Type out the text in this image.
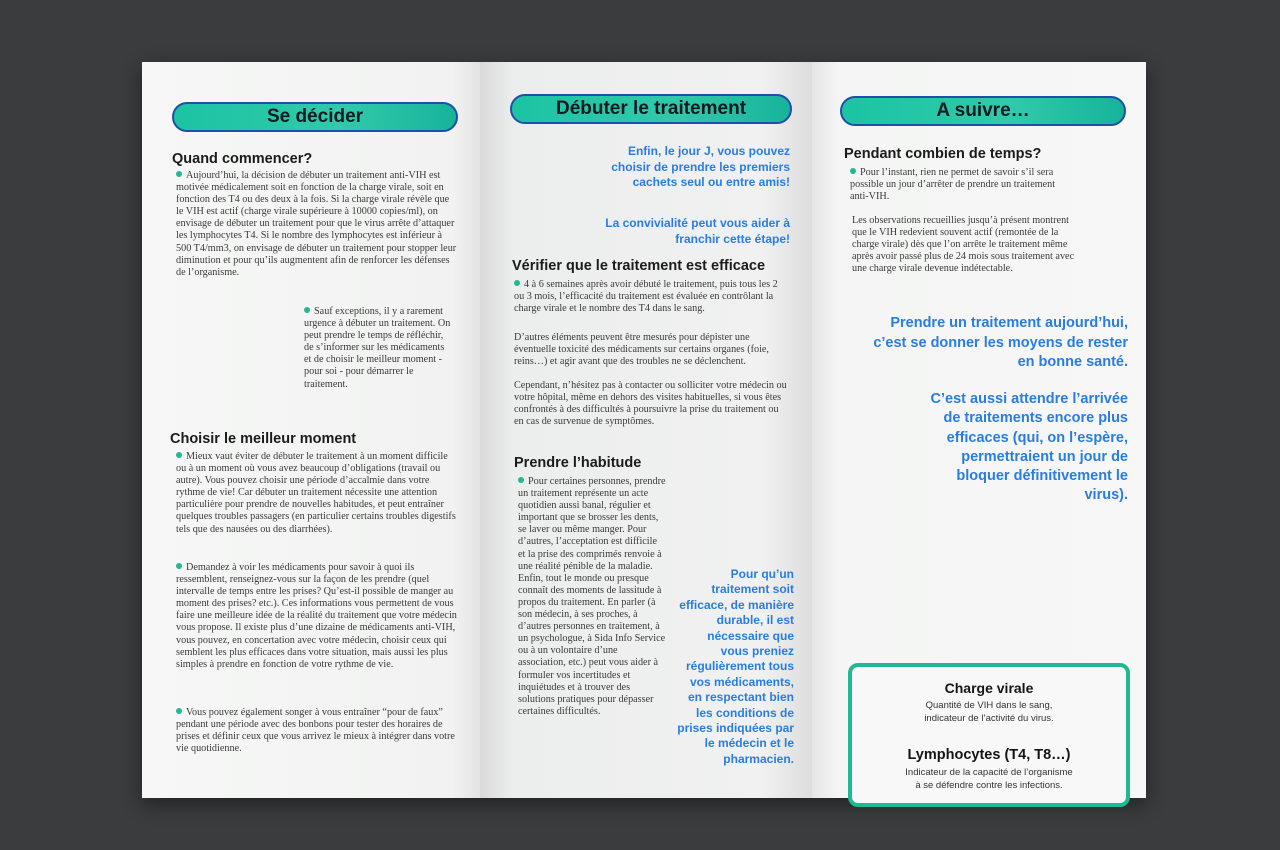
Se décider
Quand commencer?
Aujourd’hui, la décision de débuter un traitement anti-VIH est motivée médicalement soit en fonction de la charge virale, soit en fonction des T4 ou des deux à la fois. Si la charge virale révèle que le VIH est actif (charge virale supérieure à 10000 copies/ml), on envisage de débuter un traitement pour que le virus arrête d’attaquer les lymphocytes T4. Si le nombre des lymphocytes est inférieur à 500 T4/mm3, on envisage de débuter un traitement pour stopper leur diminution et pour qu’ils augmentent afin de renforcer les défenses de l’organisme.
Sauf exceptions, il y a rarement urgence à débuter un traitement. On peut prendre le temps de réfléchir, de s’informer sur les médicaments et de choisir le meilleur moment - pour soi - pour démarrer le traitement.
Choisir le meilleur moment
Mieux vaut éviter de débuter le traitement à un moment difficile ou à un moment où vous avez beaucoup d’obligations (travail ou autre). Vous pouvez choisir une période d’accalmie dans votre rythme de vie! Car débuter un traitement nécessite une attention particulière pour prendre de nouvelles habitudes, et peut entraîner quelques troubles passagers (en particulier certains troubles digestifs tels que des nausées ou des diarrhées).
Demandez à voir les médicaments pour savoir à quoi ils ressemblent, renseignez-vous sur la façon de les prendre (quel intervalle de temps entre les prises? Qu’est-il possible de manger au moment des prises? etc.). Ces informations vous permettent de vous faire une meilleure idée de la réalité du traitement que votre médecin vous propose. Il existe plus d’une dizaine de médicaments anti-VIH, vous pouvez, en concertation avec votre médecin, choisir ceux qui semblent les plus efficaces dans votre situation, mais aussi les plus simples à prendre en fonction de votre rythme de vie.
Vous pouvez également songer à vous entraîner “pour de faux” pendant une période avec des bonbons pour tester des horaires de prises et définir ceux que vous arrivez le mieux à intégrer dans votre vie quotidienne.
Débuter le traitement
Enfin, le jour J, vous pouvez choisir de prendre les premiers cachets seul ou entre amis!
La convivialité peut vous aider à franchir cette étape!
Vérifier que le traitement est efficace
4 à 6 semaines après avoir débuté le traitement, puis tous les 2 ou 3 mois, l’efficacité du traitement est évaluée en contrôlant la charge virale et le nombre des T4 dans le sang.
D’autres éléments peuvent être mesurés pour dépister une éventuelle toxicité des médicaments sur certains organes (foie, reins…) et agir avant que des troubles ne se déclenchent.
Cependant, n’hésitez pas à contacter ou solliciter votre médecin ou votre hôpital, même en dehors des visites habituelles, si vous êtes confrontés à des difficultés à poursuivre la prise du traitement ou en cas de survenue de symptômes.
Prendre l’habitude
Pour certaines personnes, prendre un traitement représente un acte quotidien aussi banal, régulier et important que se brosser les dents, se laver ou même manger. Pour d’autres, l’acceptation est difficile et la prise des comprimés renvoie à une réalité pénible de la maladie. Enfin, tout le monde ou presque connaît des moments de lassitude à propos du traitement. En parler (à son médecin, à ses proches, à d’autres personnes en traitement, à un psychologue, à Sida Info Service ou à un volontaire d’une association, etc.) peut vous aider à formuler vos incertitudes et inquiétudes et à trouver des solutions pratiques pour dépasser certaines difficultés.
Pour qu’un traitement soit efficace, de manière durable, il est nécessaire que vous preniez régulièrement tous vos médicaments, en respectant bien les conditions de prises indiquées par le médecin et le pharmacien.
A suivre…
Pendant combien de temps?
Pour l’instant, rien ne permet de savoir s’il sera possible un jour d’arrêter de prendre un traitement anti-VIH.
Les observations recueillies jusqu’à présent montrent que le VIH redevient souvent actif (remontée de la charge virale) dès que l’on arrête le traitement même après avoir passé plus de 24 mois sous traitement avec une charge virale devenue indétectable.
Prendre un traitement aujourd’hui, c’est se donner les moyens de rester en bonne santé.
C’est aussi attendre l’arrivée de traitements encore plus efficaces (qui, on l’espère, permettraient un jour de bloquer définitivement le virus).
Charge virale
Quantité de VIH dans le sang,
indicateur de l’activité du virus.
Lymphocytes (T4, T8…)
Indicateur de la capacité de l’organisme
à se défendre contre les infections.
